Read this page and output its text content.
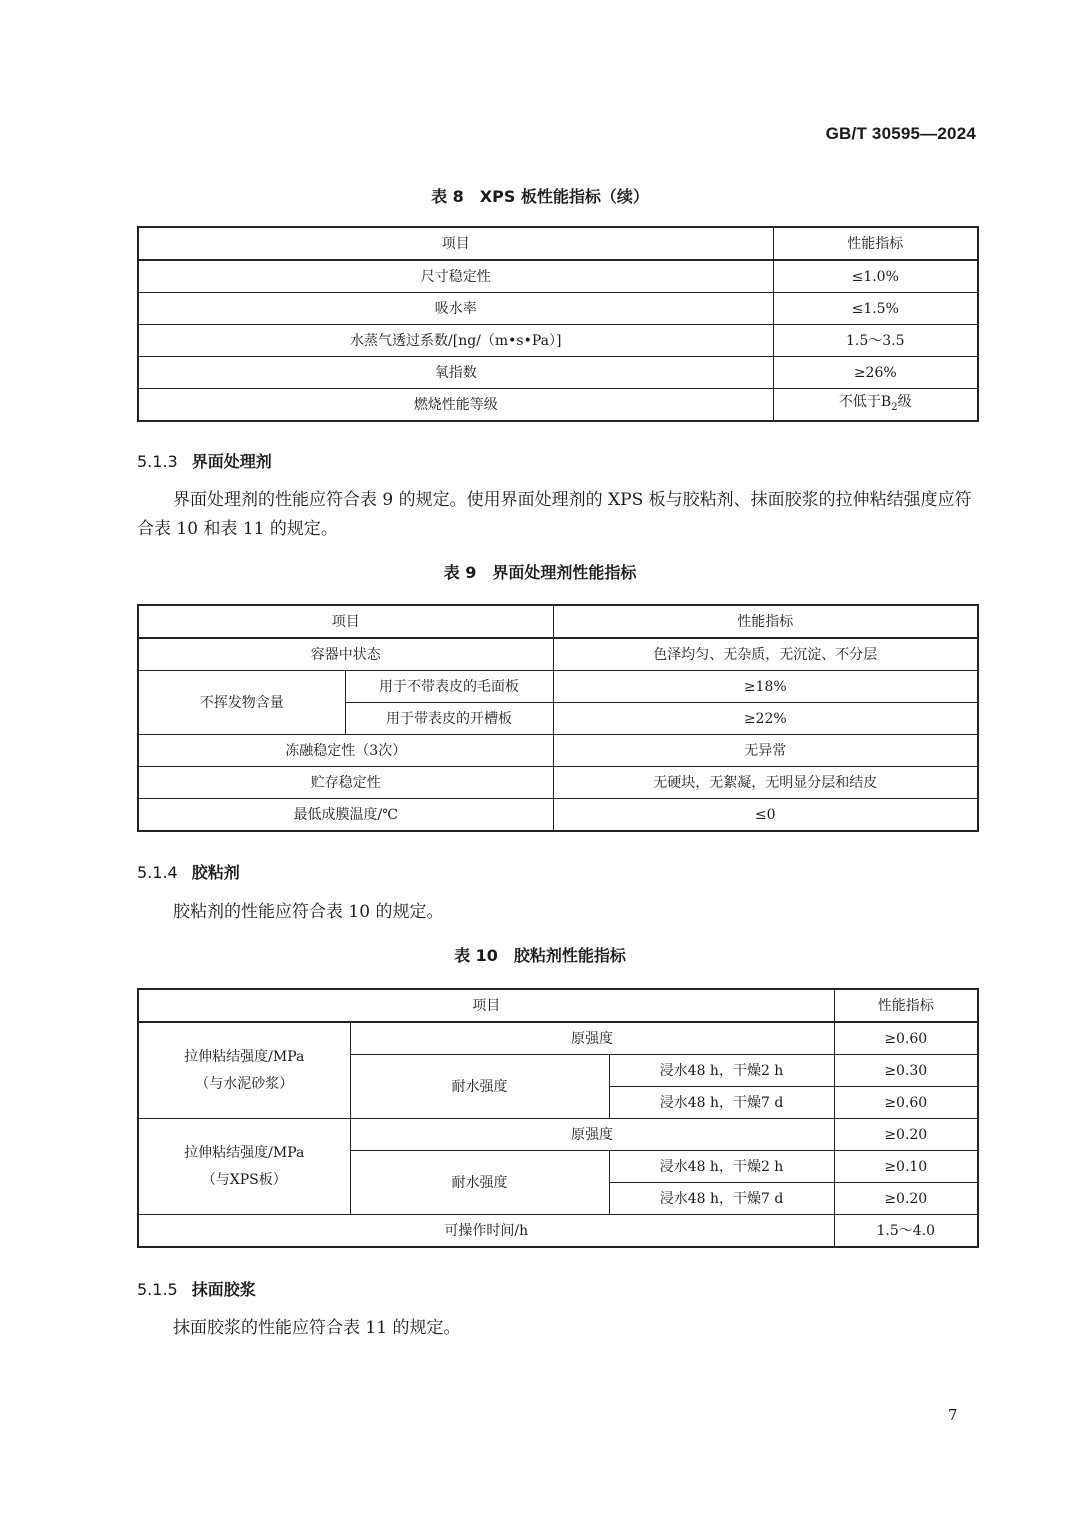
GB/T 30595—2024
表 8　XPS 板性能指标（续）
项目	性能指标
尺寸稳定性	≤1.0%
吸水率	≤1.5%
水蒸气透过系数/[ng/（m•s•Pa）]	1.5～3.5
氧指数	≥26%
燃烧性能等级	不低于$B_2$级
5.1.3 界面处理剂
界面处理剂的性能应符合表 9 的规定。使用界面处理剂的 XPS 板与胶粘剂、抹面胶浆的拉伸粘结强度应符合表 10 和表 11 的规定。
表 9　界面处理剂性能指标
项目		性能指标
容器中状态		色泽均匀、无杂质，无沉淀、不分层
不挥发物含量	用于不带表皮的毛面板	≥18%
	用于带表皮的开槽板	≥22%
冻融稳定性（3次）		无异常
贮存稳定性		无硬块，无絮凝，无明显分层和结皮
最低成膜温度/℃		≤0
5.1.4 胶粘剂
胶粘剂的性能应符合表 10 的规定。
表 10　胶粘剂性能指标
项目			性能指标

拉伸粘结强度/MPa
（与水泥砂浆）	原强度		≥0.60
	耐水强度	浸水48 h，干燥2 h	≥0.30
		浸水48 h，干燥7 d	≥0.60

拉伸粘结强度/MPa
（与XPS板）	原强度		≥0.20
	耐水强度	浸水48 h，干燥2 h	≥0.10
		浸水48 h，干燥7 d	≥0.20
可操作时间/h			1.5～4.0
5.1.5 抹面胶浆
抹面胶浆的性能应符合表 11 的规定。
7
